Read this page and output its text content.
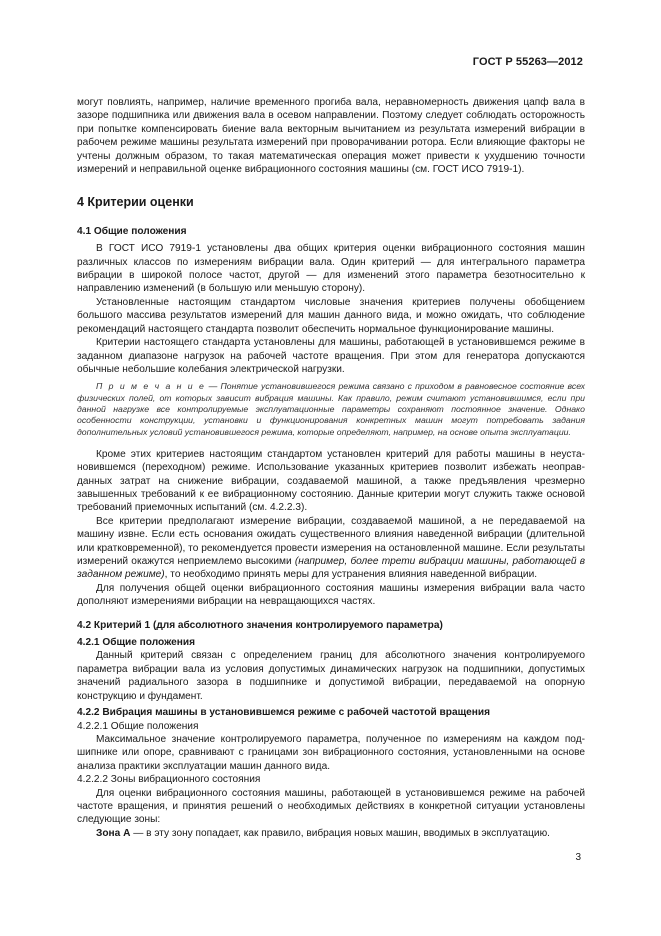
ГОСТ Р 55263—2012

могут повлиять, например, наличие временного прогиба вала, неравномерность движения цапф вала в зазоре подшипника или движения вала в осевом направлении. Поэтому следует соблюдать осторожность при попытке компенсировать биение вала векторным вычитанием из результата измерений вибрации в рабочем режиме машины результата измерений при проворачивании ротора. Если влияющие факторы не учтены должным образом, то такая математическая операция может привести к ухудшению точности измерений и неправильной оценке вибрационного состояния машины (см. ГОСТ ИСО 7919-1).

4 Критерии оценки
4.1 Общие положения

В ГОСТ ИСО 7919-1 установлены два общих критерия оценки вибрационного состояния машин различных классов по измерениям вибрации вала. Один критерий — для интегрального параметра вибрации в широкой полосе частот, другой — для изменений этого параметра безотносительно к направлению изменений (в большую или меньшую сторону).

Установленные настоящим стандартом числовые значения критериев получены обобщением большого массива результатов измерений для машин данного вида, и можно ожидать, что соблюдение рекомендаций настоящего стандарта позволит обеспечить нормальное функционирование машины.

Критерии настоящего стандарта установлены для машины, работающей в установившемся режиме в заданном диапазоне нагрузок на рабочей частоте вращения. При этом для генератора допускаются обычные небольшие колебания электрической нагрузки.

П р и м е ч а н и е — Понятие установившегося режима связано с приходом в равновесное состояние всех физических полей, от которых зависит вибрация машины. Как правило, режим считают установившимся, если при данной нагрузке все контролируемые эксплуатационные параметры сохраняют постоянное значение. Однако особенности конструкции, установки и функционирования конкретных машин могут потребовать задания дополнительных условий установившегося режима, которые определяют, например, на основе опыта эксплуатации.

Кроме этих критериев настоящим стандартом установлен критерий для работы машины в неустановившемся (переходном) режиме. Использование указанных критериев позволит избежать неоправданных затрат на снижение вибрации, создаваемой машиной, а также предъявления чрезмерно завышенных требований к ее вибрационному состоянию. Данные критерии могут служить также основой требований приемочных испытаний (см. 4.2.2.3).

Все критерии предполагают измерение вибрации, создаваемой машиной, а не передаваемой на машину извне. Если есть основания ожидать существенного влияния наведенной вибрации (длительной или кратковременной), то рекомендуется провести измерения на остановленной машине. Если результаты измерений окажутся неприемлемо высокими (например, более трети вибрации машины, работающей в заданном режиме), то необходимо принять меры для устранения влияния наведенной вибрации.

Для получения общей оценки вибрационного состояния машины измерения вибрации вала часто дополняют измерениями вибрации на невращающихся частях.

4.2 Критерий 1 (для абсолютного значения контролируемого параметра)
4.2.1 Общие положения

Данный критерий связан с определением границ для абсолютного значения контролируемого параметра вибрации вала из условия допустимых динамических нагрузок на подшипники, допустимых значений радиального зазора в подшипнике и допустимой вибрации, передаваемой на опорную конструкцию и фундамент.

4.2.2 Вибрация машины в установившемся режиме с рабочей частотой вращения
4.2.2.1 Общие положения

Максимальное значение контролируемого параметра, полученное по измерениям на каждом подшипнике или опоре, сравнивают с границами зон вибрационного состояния, установленными на основе анализа практики эксплуатации машин данного вида.

4.2.2.2 Зоны вибрационного состояния

Для оценки вибрационного состояния машины, работающей в установившемся режиме на рабочей частоте вращения, и принятия решений о необходимых действиях в конкретной ситуации установлены следующие зоны:

Зона А — в эту зону попадает, как правило, вибрация новых машин, вводимых в эксплуатацию.

3
